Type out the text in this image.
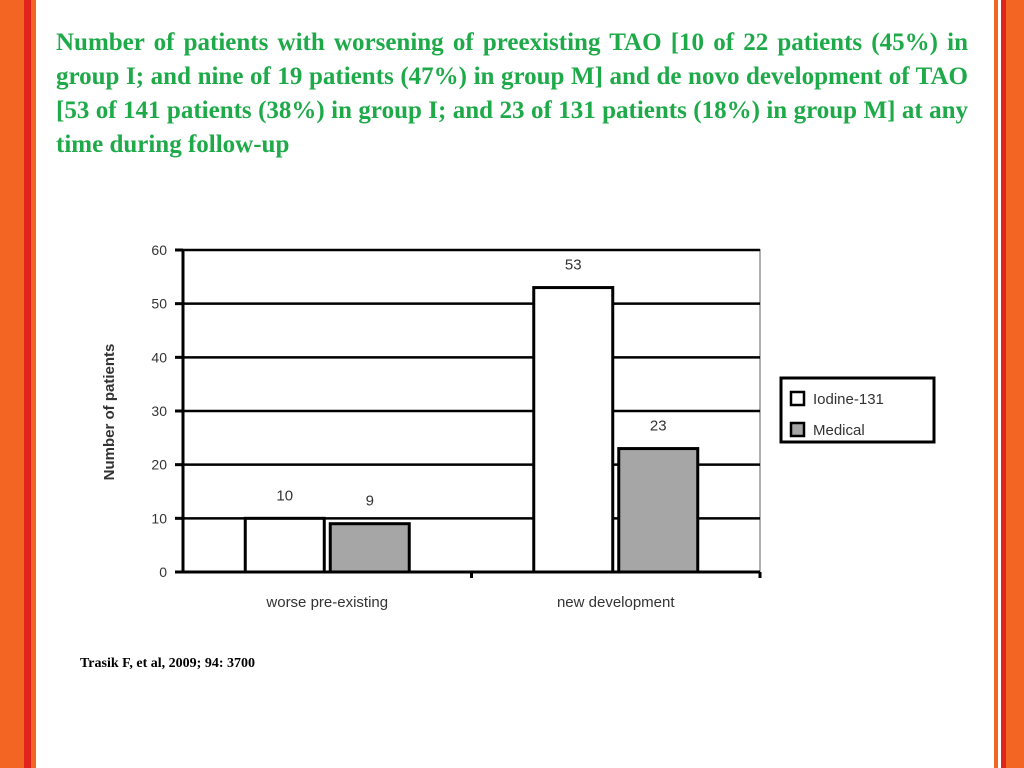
Number of patients with worsening of preexisting TAO [10 of 22 patients (45%) in group I; and nine of 19 patients (47%) in group M] and de novo development of TAO [53 of 141 patients (38%) in group I; and 23 of 131 patients (18%) in group M] at any time during follow-up
0
10
20
30
40
50
60
10	9
worse pre-existing
53
23
new development
Number of patients	Iodine-131
Medical
Trasik F, et al, 2009; 94: 3700
